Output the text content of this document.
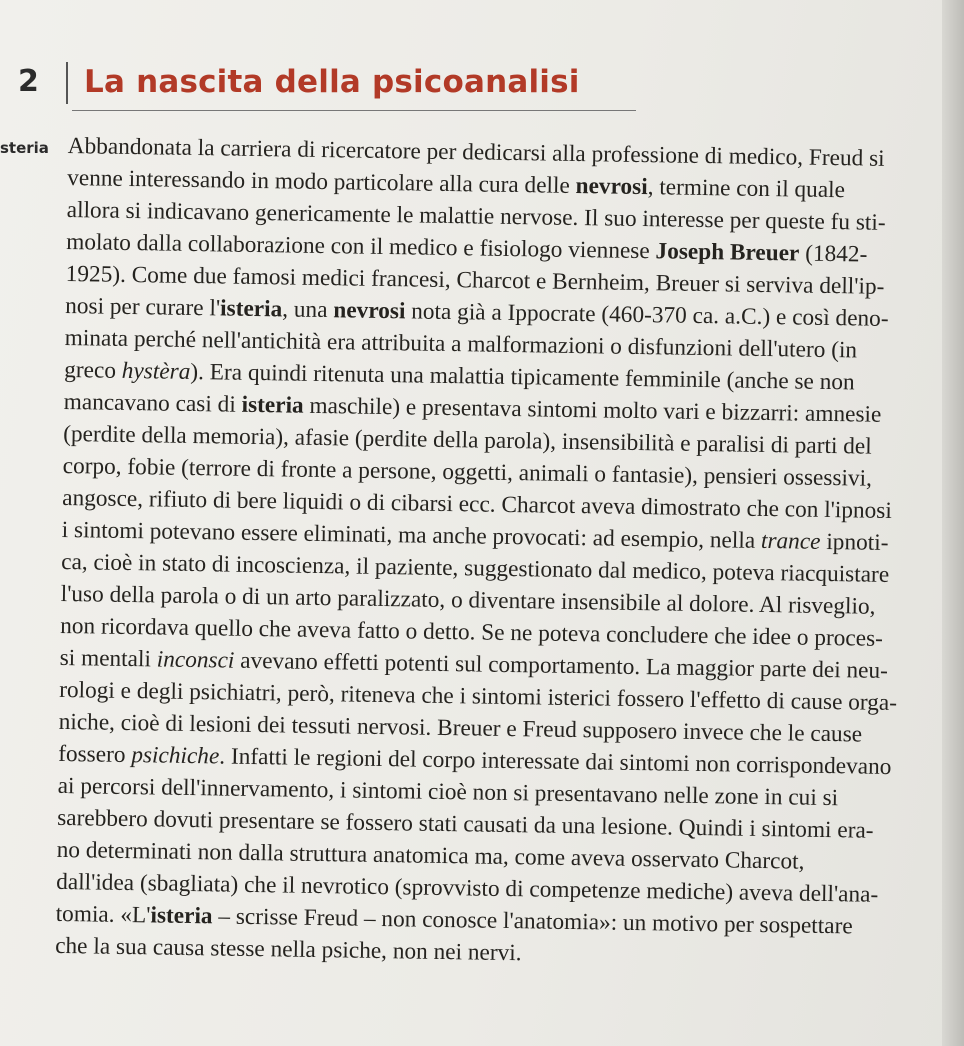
2 La nascita della psicoanalisi
steria Abbandonata la carriera di ricercatore per dedicarsi alla professione di medico, Freud si
venne interessando in modo particolare alla cura delle nevrosi, termine con il quale
allora si indicavano genericamente le malattie nervose. Il suo interesse per queste fu sti-
molato dalla collaborazione con il medico e fisiologo viennese Joseph Breuer (1842-
1925). Come due famosi medici francesi, Charcot e Bernheim, Breuer si serviva dell'ip-
nosi per curare l'isteria, una nevrosi nota già a Ippocrate (460-370 ca. a.C.) e così deno-
minata perché nell'antichità era attribuita a malformazioni o disfunzioni dell'utero (in
greco hystèra). Era quindi ritenuta una malattia tipicamente femminile (anche se non
mancavano casi di isteria maschile) e presentava sintomi molto vari e bizzarri: amnesie
(perdite della memoria), afasie (perdite della parola), insensibilità e paralisi di parti del
corpo, fobie (terrore di fronte a persone, oggetti, animali o fantasie), pensieri ossessivi,
angosce, rifiuto di bere liquidi o di cibarsi ecc. Charcot aveva dimostrato che con l'ipnosi
i sintomi potevano essere eliminati, ma anche provocati: ad esempio, nella trance ipnoti-
ca, cioè in stato di incoscienza, il paziente, suggestionato dal medico, poteva riacquistare
l'uso della parola o di un arto paralizzato, o diventare insensibile al dolore. Al risveglio,
non ricordava quello che aveva fatto o detto. Se ne poteva concludere che idee o proces-
si mentali inconsci avevano effetti potenti sul comportamento. La maggior parte dei neu-
rologi e degli psichiatri, però, riteneva che i sintomi isterici fossero l'effetto di cause orga-
niche, cioè di lesioni dei tessuti nervosi. Breuer e Freud supposero invece che le cause
fossero psichiche. Infatti le regioni del corpo interessate dai sintomi non corrispondevano
ai percorsi dell'innervamento, i sintomi cioè non si presentavano nelle zone in cui si
sarebbero dovuti presentare se fossero stati causati da una lesione. Quindi i sintomi era-
no determinati non dalla struttura anatomica ma, come aveva osservato Charcot,
dall'idea (sbagliata) che il nevrotico (sprovvisto di competenze mediche) aveva dell'ana-
tomia. «L'isteria – scrisse Freud – non conosce l'anatomia»: un motivo per sospettare
che la sua causa stesse nella psiche, non nei nervi.
